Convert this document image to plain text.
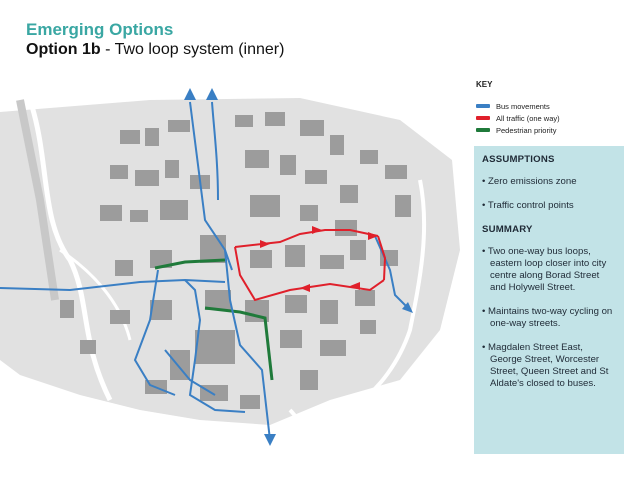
Emerging Options
Option 1b - Two loop system (inner)
KEY
Bus movements
All traffic (one way)
Pedestrian priority
ASSUMPTIONS
• Zero emissions zone
• Traffic control points
SUMMARY
• Two one-way bus loops, eastern loop closer into city centre along Borad Street and Holywell Street.
• Maintains two-way cycling on one-way streets.
• Magdalen Street East, George Street, Worcester Street, Queen Street and St Aldate's closed to buses.
